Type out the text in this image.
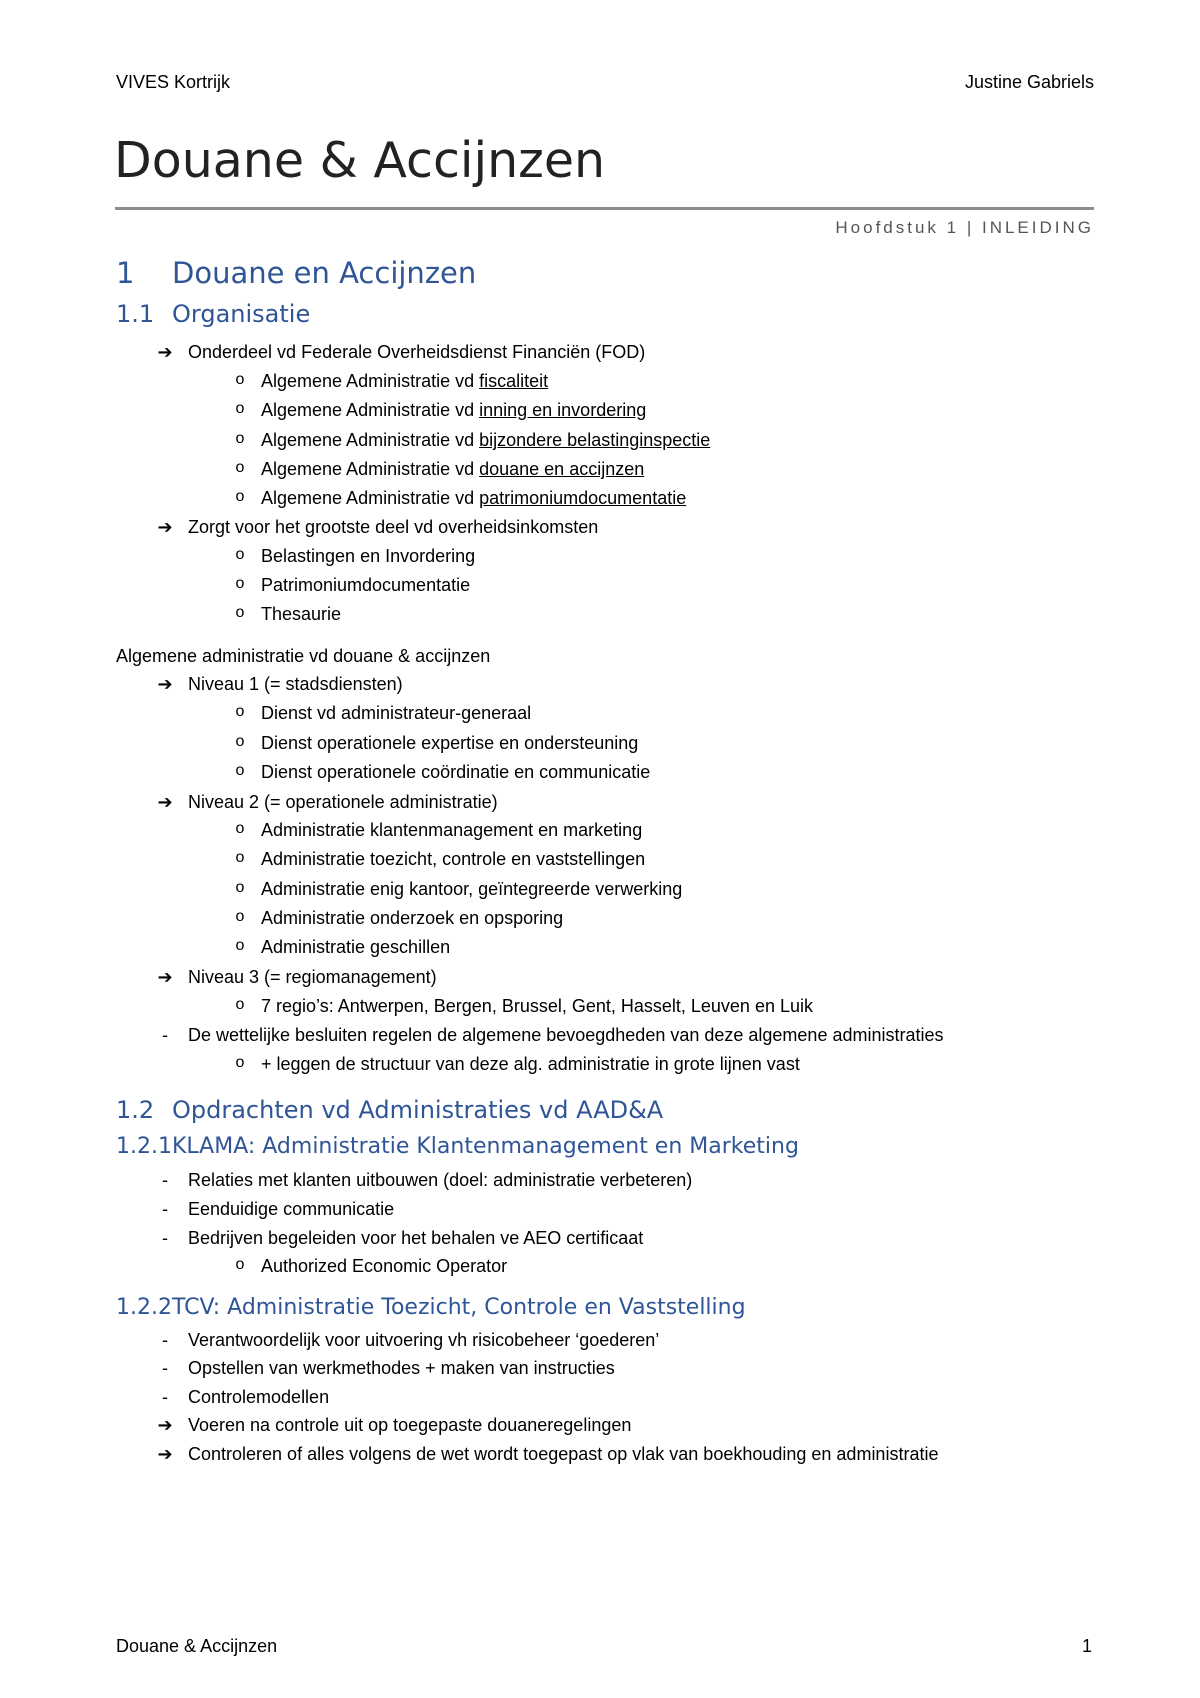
VIVES Kortrijk	Justine Gabriels
Douane & Accijnzen
Hoofdstuk 1 | INLEIDING
1 Douane en Accijnzen
1.1 Organisatie
➔ Onderdeel vd Federale Overheidsdienst Financiën (FOD)
o Algemene Administratie vd fiscaliteit
o Algemene Administratie vd inning en invordering
o Algemene Administratie vd bijzondere belastinginspectie
o Algemene Administratie vd douane en accijnzen
o Algemene Administratie vd patrimoniumdocumentatie
➔ Zorgt voor het grootste deel vd overheidsinkomsten
o Belastingen en Invordering
o Patrimoniumdocumentatie
o Thesaurie
Algemene administratie vd douane & accijnzen
➔ Niveau 1 (= stadsdiensten)
o Dienst vd administrateur-generaal
o Dienst operationele expertise en ondersteuning
o Dienst operationele coördinatie en communicatie
➔ Niveau 2 (= operationele administratie)
o Administratie klantenmanagement en marketing
o Administratie toezicht, controle en vaststellingen
o Administratie enig kantoor, geïntegreerde verwerking
o Administratie onderzoek en opsporing
o Administratie geschillen
➔ Niveau 3 (= regiomanagement)
o 7 regio’s: Antwerpen, Bergen, Brussel, Gent, Hasselt, Leuven en Luik
-	De wettelijke besluiten regelen de algemene bevoegdheden van deze algemene administraties
o + leggen de structuur van deze alg. administratie in grote lijnen vast
1.2 Opdrachten vd Administraties vd AAD&A
1.2.1KLAMA: Administratie Klantenmanagement en Marketing
-	Relaties met klanten uitbouwen (doel: administratie verbeteren)
-	Eenduidige communicatie
-	Bedrijven begeleiden voor het behalen ve AEO certificaat
o Authorized Economic Operator
1.2.2TCV: Administratie Toezicht, Controle en Vaststelling
-	Verantwoordelijk voor uitvoering vh risicobeheer ‘goederen’
-	Opstellen van werkmethodes + maken van instructies
-	Controlemodellen
➔ Voeren na controle uit op toegepaste douaneregelingen
➔ Controleren of alles volgens de wet wordt toegepast op vlak van boekhouding en administratie
Douane & Accijnzen	1
